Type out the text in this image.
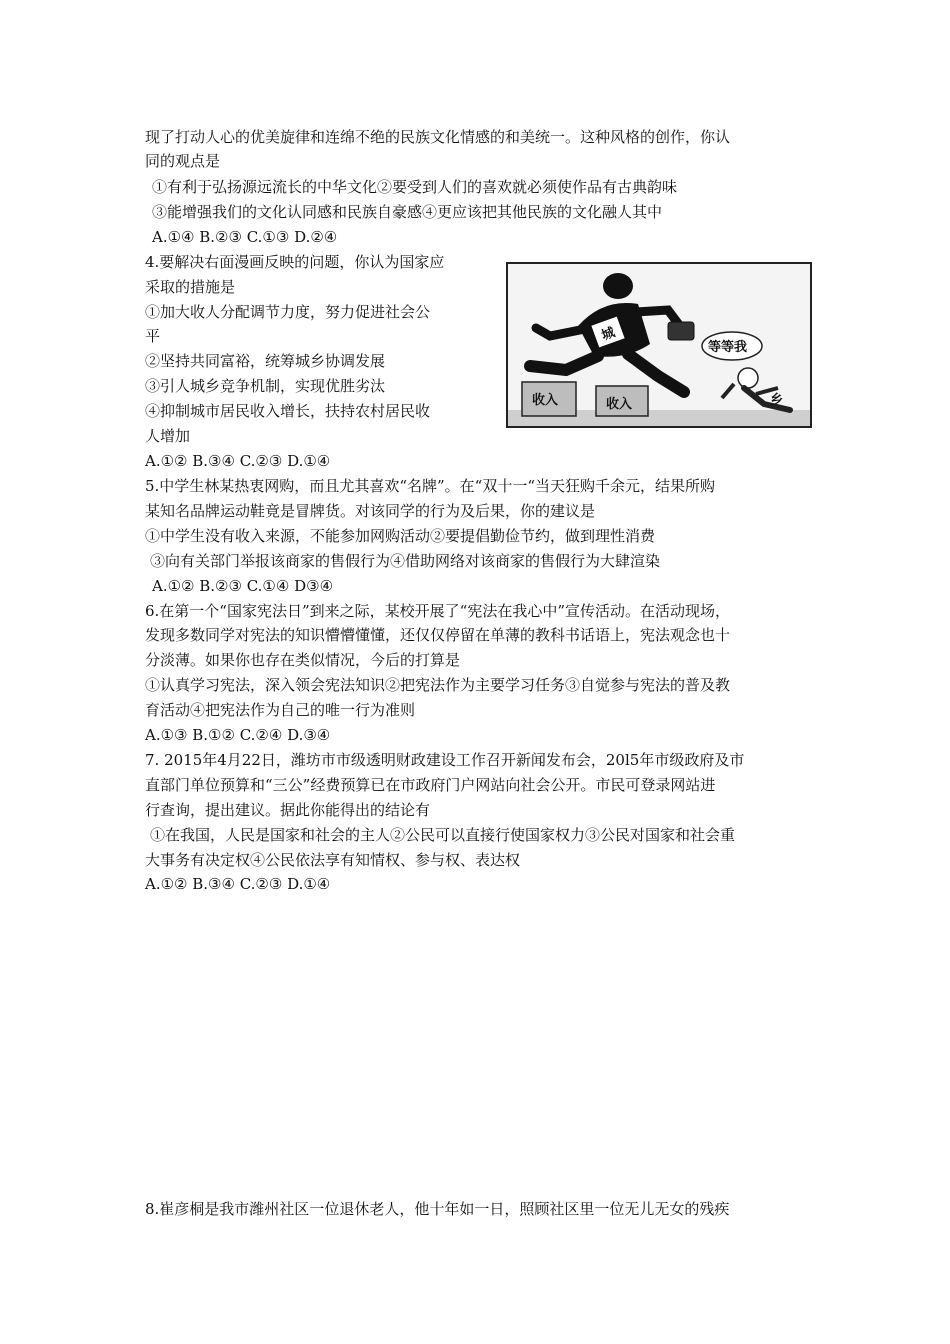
现了打动人心的优美旋律和连绵不绝的民族文化情感的和美统一。这种风格的创作，你认
同的观点是
①有利于弘扬源远流长的中华文化②要受到人们的喜欢就必须使作品有古典韵味
③能增强我们的文化认同感和民族自豪感④更应该把其他民族的文化融人其中
A.①④ B.②③ C.①③ D.②④
4.要解决右面漫画反映的问题，你认为国家应
采取的措施是
①加大收人分配调节力度，努力促进社会公
平
②坚持共同富裕，统筹城乡协调发展
③引人城乡竞争机制，实现优胜劣汰
④抑制城市居民收入增长，扶持农村居民收
人增加
A.①② B.③④ C.②③ D.①④
城
等等我
收入	收入	乡
5.中学生林某热衷网购，而且尤其喜欢“名牌”。在“双十一“当天狂购千余元，结果所购
某知名品牌运动鞋竟是冒牌货。对该同学的行为及后果，你的建议是
①中学生没有收入来源，不能参加网购活动②要提倡勤俭节约，做到理性消费
③向有关部门举报该商家的售假行为④借助网络对该商家的售假行为大肆渲染
A.①② B.②③ C.①④ D③④
6.在第一个“国家宪法日”到来之际，某校开展了“宪法在我心中”宣传活动。在活动现场，
发现多数同学对宪法的知识懵懵懂懂，还仅仅停留在单薄的教科书话语上，宪法观念也十
分淡薄。如果你也存在类似情况，今后的打算是
①认真学习宪法，深入领会宪法知识②把宪法作为主要学习任务③自觉参与宪法的普及教
育活动④把宪法作为自己的唯一行为准则
A.①③ B.①② C.②④ D.③④
7. 2015年4月22日，潍坊市市级透明财政建设工作召开新闻发布会，20l5年市级政府及市
直部门单位预算和“三公”经费预算已在市政府门户网站向社会公开。市民可登录网站进
行查询，提出建议。据此你能得出的结论有
①在我国，人民是国家和社会的主人②公民可以直接行使国家权力③公民对国家和社会重
大事务有决定权④公民依法享有知情权、参与权、表达权
A.①② B.③④ C.②③ D.①④
8.崔彦桐是我市潍州社区一位退休老人，他十年如一日，照顾社区里一位无儿无女的残疾
